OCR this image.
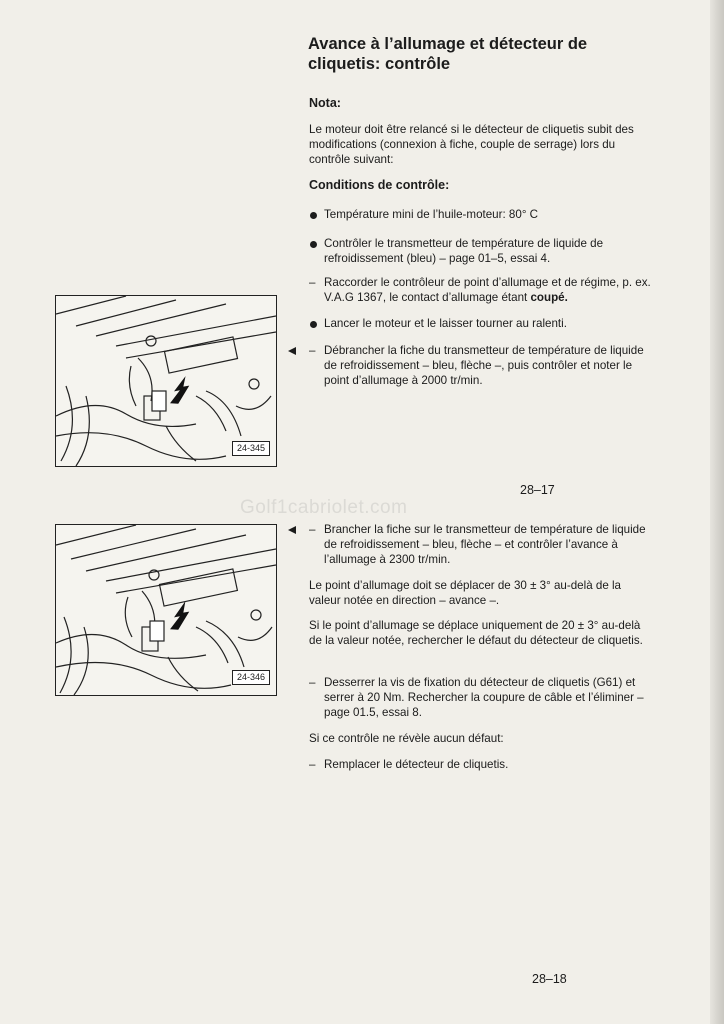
Golf1cabriolet.com
Avance à l’allumage et détecteur de cliquetis: contrôle

Nota:

Le moteur doit être relancé si le détecteur de cliquetis subit des modifications (connexion à fiche, couple de serrage) lors du contrôle suivant:

Conditions de contrôle:

Température mini de l’huile-moteur: 80° C
Contrôler le transmetteur de température de liquide de refroidissement (bleu) – page 01–5, essai 4.
– Raccorder le contrôleur de point d’allumage et de régime, p. ex. V.A.G 1367, le contact d’allumage étant coupé.
Lancer le moteur et le laisser tourner au ralenti.
– Débrancher la fiche du transmetteur de température de liquide de refroidissement – bleu, flèche –, puis contrôler et noter le point d’allumage à 2000 tr/min.
24-345
28–17
24-346
– Brancher la fiche sur le transmetteur de température de liquide de refroidissement – bleu, flèche – et contrôler l’avance à l’allumage à 2300 tr/min.

Le point d’allumage doit se déplacer de 30 ± 3° au-delà de la valeur notée en direction – avance –.

Si le point d’allumage se déplace uniquement de 20 ± 3° au-delà de la valeur notée, rechercher le défaut du détecteur de cliquetis.

– Desserrer la vis de fixation du détecteur de cliquetis (G61) et serrer à 20 Nm. Rechercher la coupure de câble et l’éliminer – page 01.5, essai 8.

Si ce contrôle ne révèle aucun défaut:

– Remplacer le détecteur de cliquetis.
28–18
